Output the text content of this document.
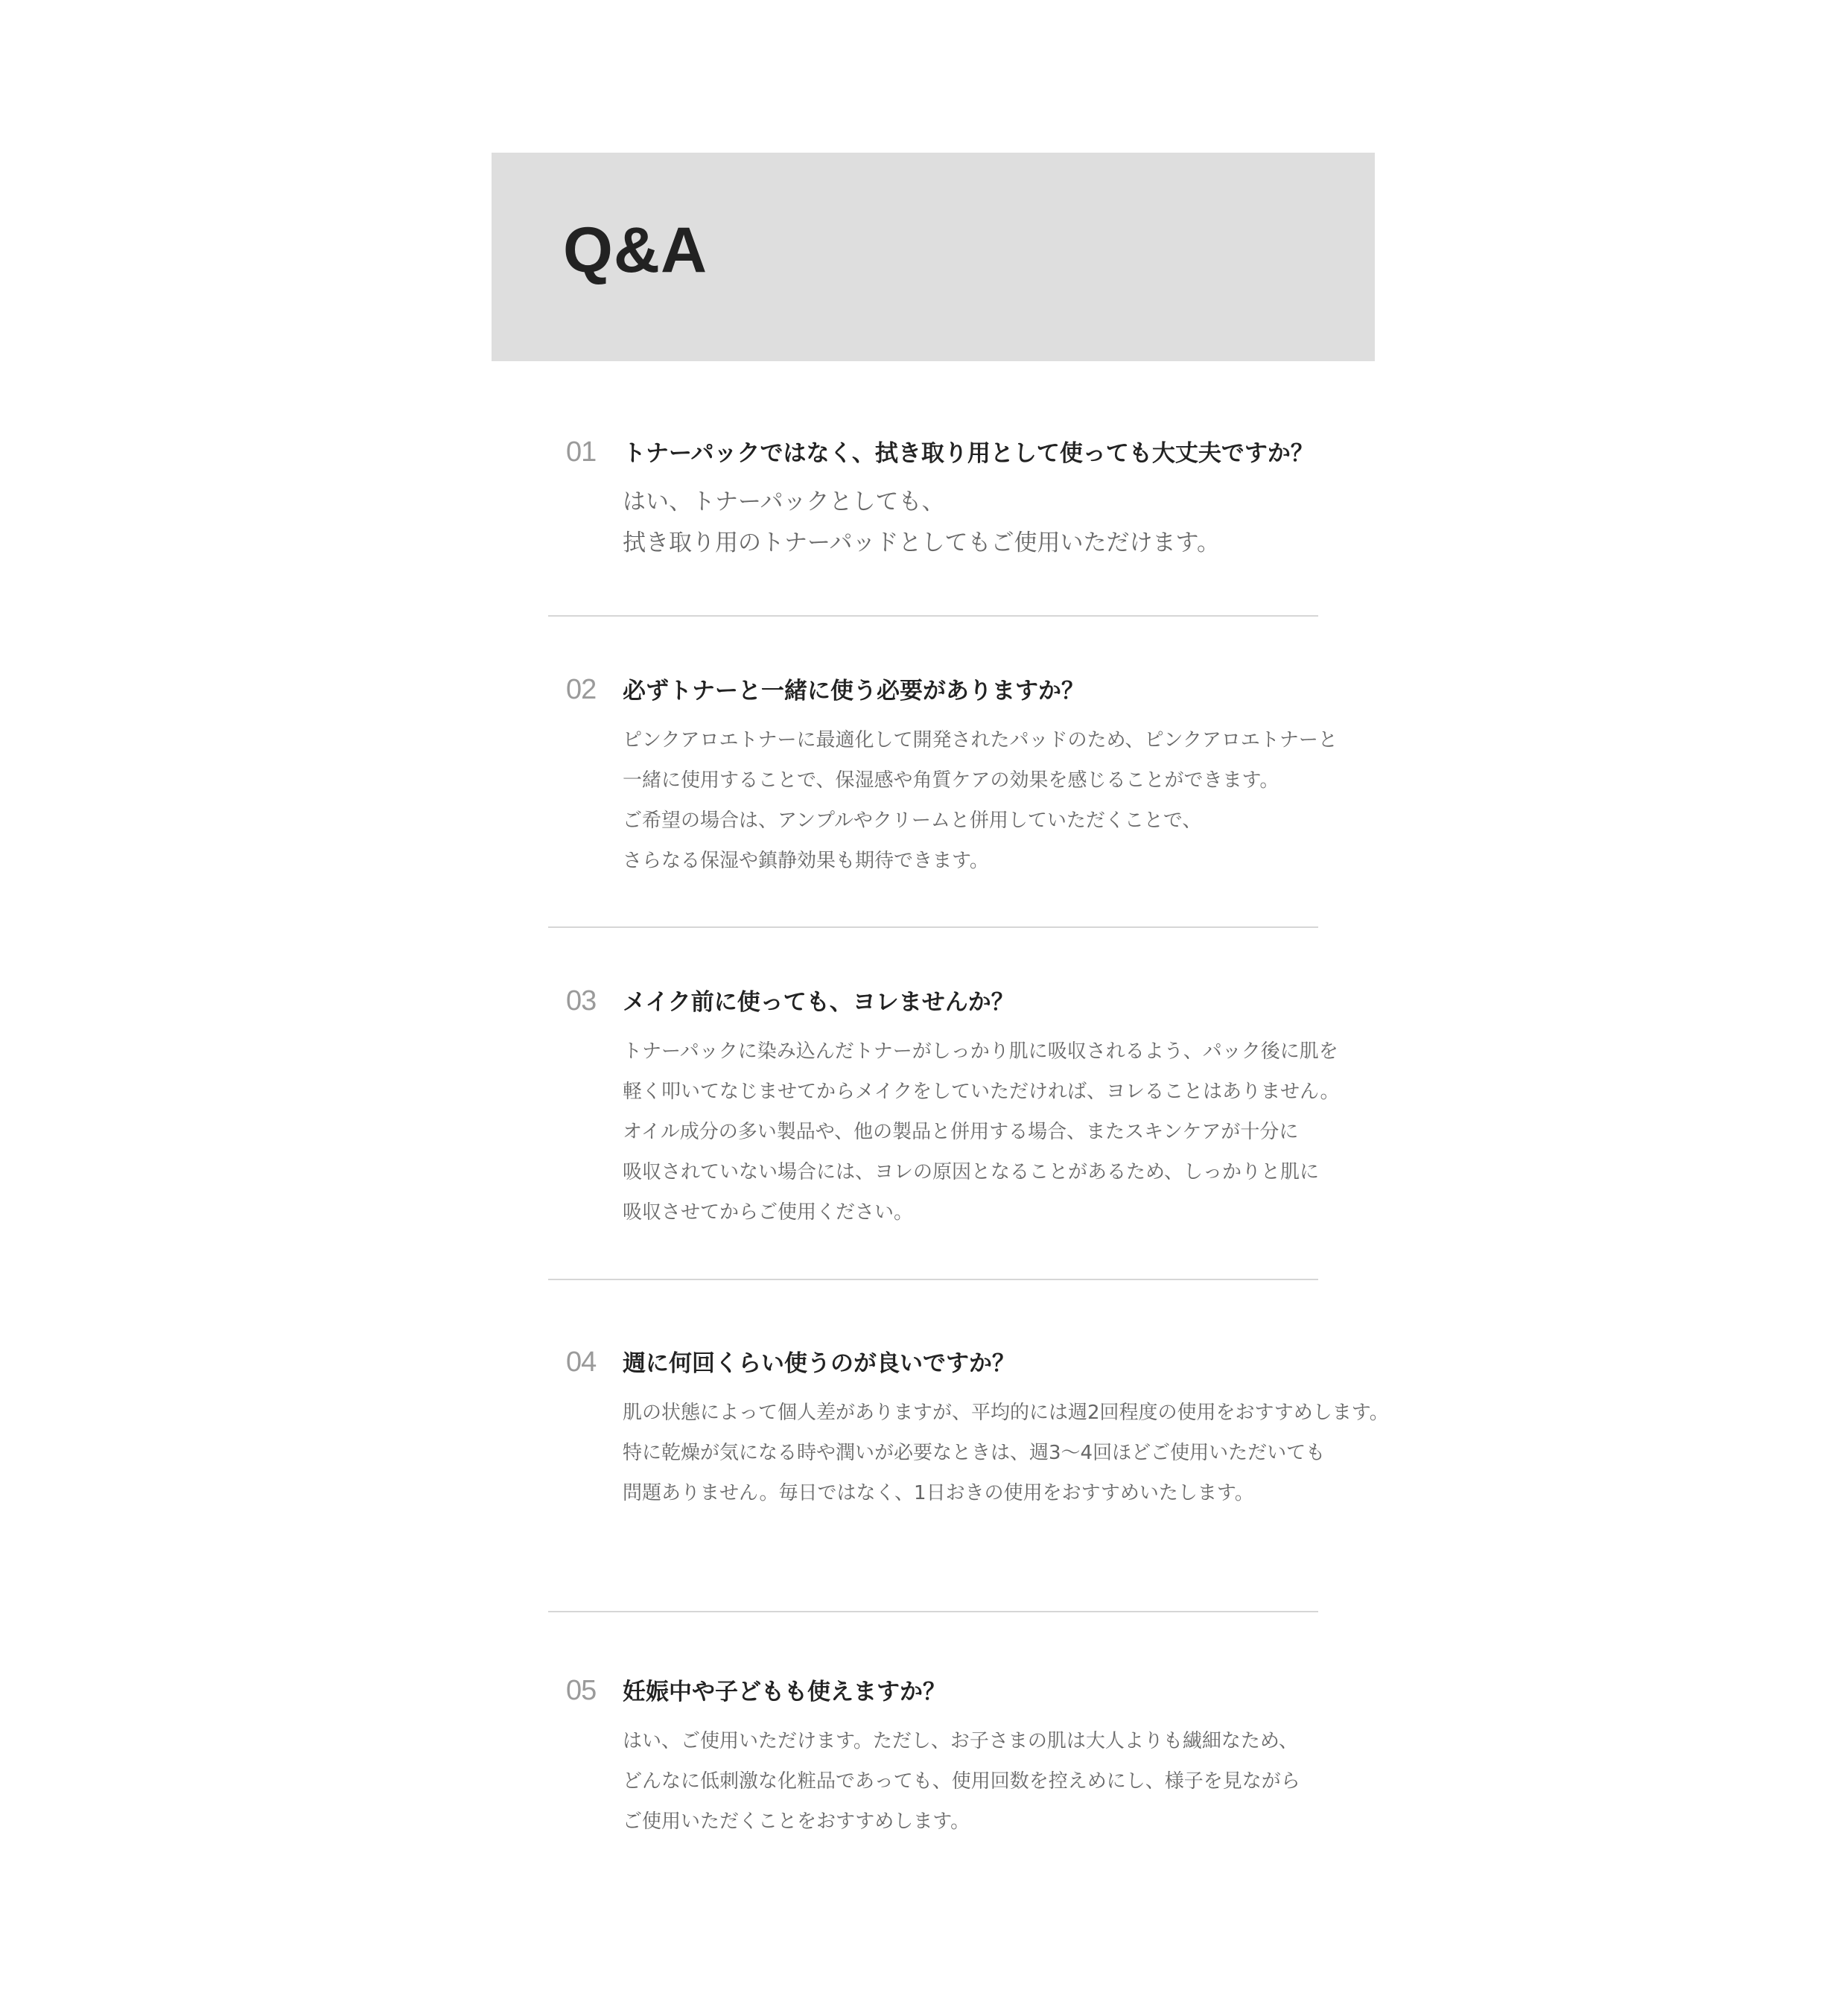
Q&A
01 トナーパックではなく、拭き取り用として使っても大丈夫ですか？
はい、トナーパックとしても、
拭き取り用のトナーパッドとしてもご使用いただけます。
02 必ずトナーと一緒に使う必要がありますか？
ピンクアロエトナーに最適化して開発されたパッドのため、ピンクアロエトナーと
一緒に使用することで、保湿感や角質ケアの効果を感じることができます。
ご希望の場合は、アンプルやクリームと併用していただくことで、
さらなる保湿や鎮静効果も期待できます。
03 メイク前に使っても、ヨレませんか？
トナーパックに染み込んだトナーがしっかり肌に吸収されるよう、パック後に肌を
軽く叩いてなじませてからメイクをしていただければ、ヨレることはありません。
オイル成分の多い製品や、他の製品と併用する場合、またスキンケアが十分に
吸収されていない場合には、ヨレの原因となることがあるため、しっかりと肌に
吸収させてからご使用ください。
04 週に何回くらい使うのが良いですか？
肌の状態によって個人差がありますが、平均的には週2回程度の使用をおすすめします。
特に乾燥が気になる時や潤いが必要なときは、週3〜4回ほどご使用いただいても
問題ありません。毎日ではなく、1日おきの使用をおすすめいたします。
05 妊娠中や子どもも使えますか？
はい、ご使用いただけます。ただし、お子さまの肌は大人よりも繊細なため、
どんなに低刺激な化粧品であっても、使用回数を控えめにし、様子を見ながら
ご使用いただくことをおすすめします。
